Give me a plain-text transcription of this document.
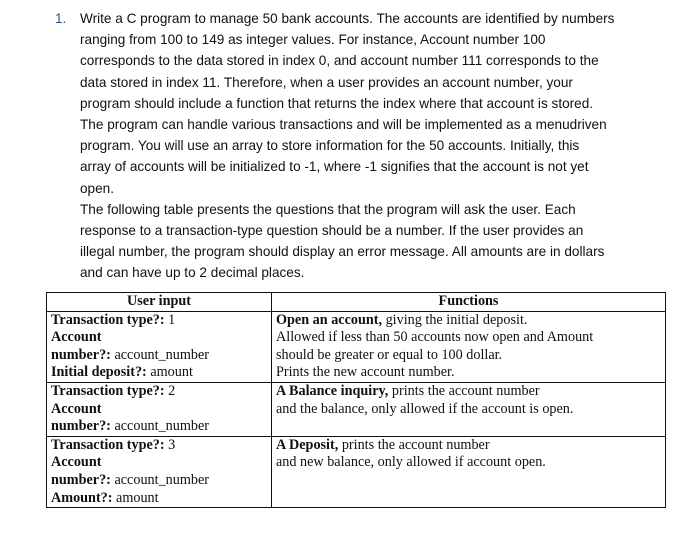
1. Write a C program to manage 50 bank accounts. The accounts are identified by numbers
ranging from 100 to 149 as integer values. For instance, Account number 100
corresponds to the data stored in index 0, and account number 111 corresponds to the
data stored in index 11. Therefore, when a user provides an account number, your
program should include a function that returns the index where that account is stored.
The program can handle various transactions and will be implemented as a menudriven
program. You will use an array to store information for the 50 accounts. Initially, this
array of accounts will be initialized to -1, where -1 signifies that the account is not yet
open.

The following table presents the questions that the program will ask the user. Each
response to a transaction-type question should be a number. If the user provides an
illegal number, the program should display an error message. All amounts are in dollars
and can have up to 2 decimal places.

User input	Functions

Transaction type?: 1
Account
number?: account_number
Initial deposit?: amount	Open an account, giving the initial deposit.
Allowed if less than 50 accounts now open and Amount
should be greater or equal to 100 dollar.
Prints the new account number.

Transaction type?: 2
Account
number?: account_number	A Balance inquiry, prints the account number
and the balance, only allowed if the account is open.

Transaction type?: 3
Account
number?: account_number
Amount?: amount	A Deposit, prints the account number
and new balance, only allowed if account open.
